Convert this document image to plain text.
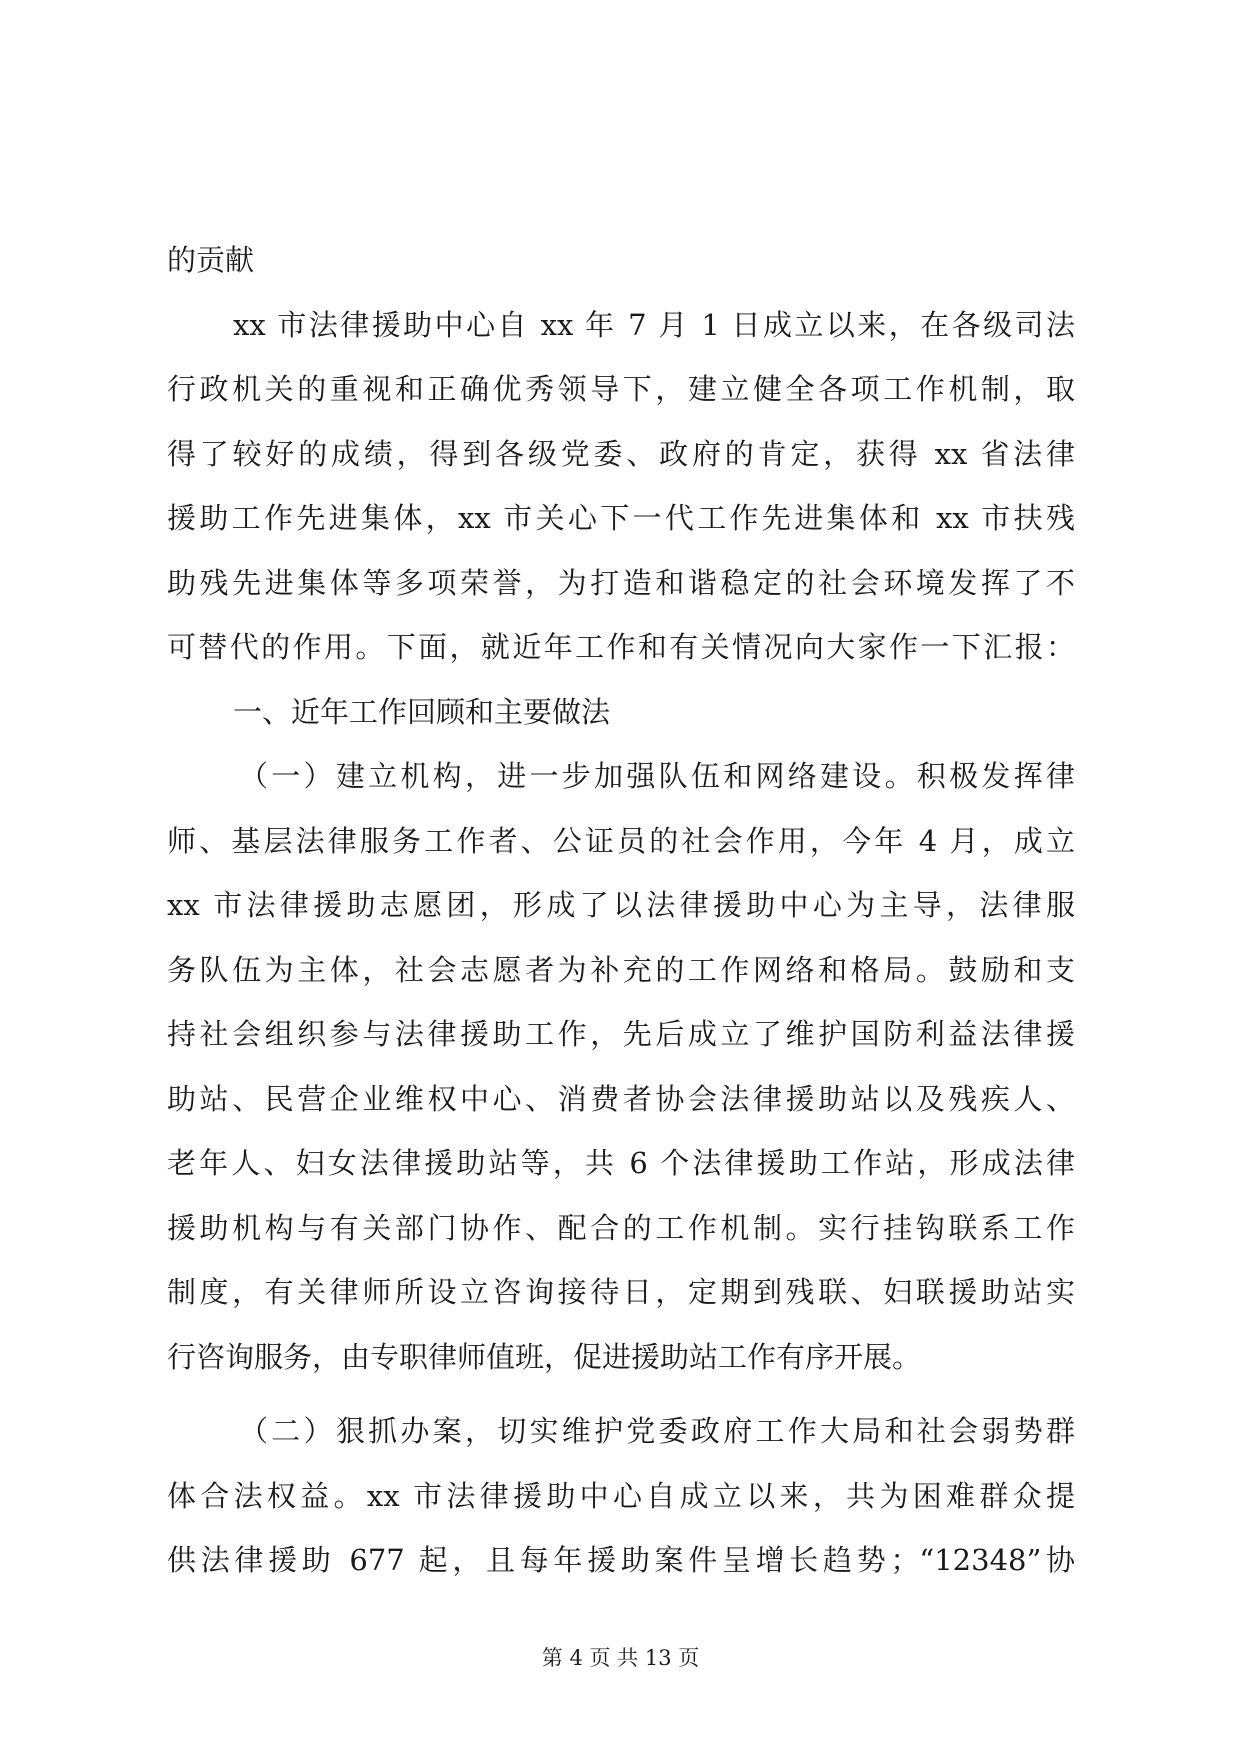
的贡献
xx 市法律援助中心自 xx 年 7 月 1 日成立以来，在各级司法
行政机关的重视和正确优秀领导下，建立健全各项工作机制，取
得了较好的成绩，得到各级党委、政府的肯定，获得 xx 省法律
援助工作先进集体，xx 市关心下一代工作先进集体和 xx 市扶残
助残先进集体等多项荣誉，为打造和谐稳定的社会环境发挥了不
可替代的作用。下面，就近年工作和有关情况向大家作一下汇报：
一、近年工作回顾和主要做法
（一）建立机构，进一步加强队伍和网络建设。积极发挥律
师、基层法律服务工作者、公证员的社会作用，今年 4 月，成立
xx 市法律援助志愿团，形成了以法律援助中心为主导，法律服
务队伍为主体，社会志愿者为补充的工作网络和格局。鼓励和支
持社会组织参与法律援助工作，先后成立了维护国防利益法律援
助站、民营企业维权中心、消费者协会法律援助站以及残疾人、
老年人、妇女法律援助站等，共 6 个法律援助工作站，形成法律
援助机构与有关部门协作、配合的工作机制。实行挂钩联系工作
制度，有关律师所设立咨询接待日，定期到残联、妇联援助站实
行咨询服务，由专职律师值班，促进援助站工作有序开展。
（二）狠抓办案，切实维护党委政府工作大局和社会弱势群
体合法权益。xx 市法律援助中心自成立以来，共为困难群众提
供法律援助 677 起，且每年援助案件呈增长趋势；“12348”协
第 4 页 共 13 页
